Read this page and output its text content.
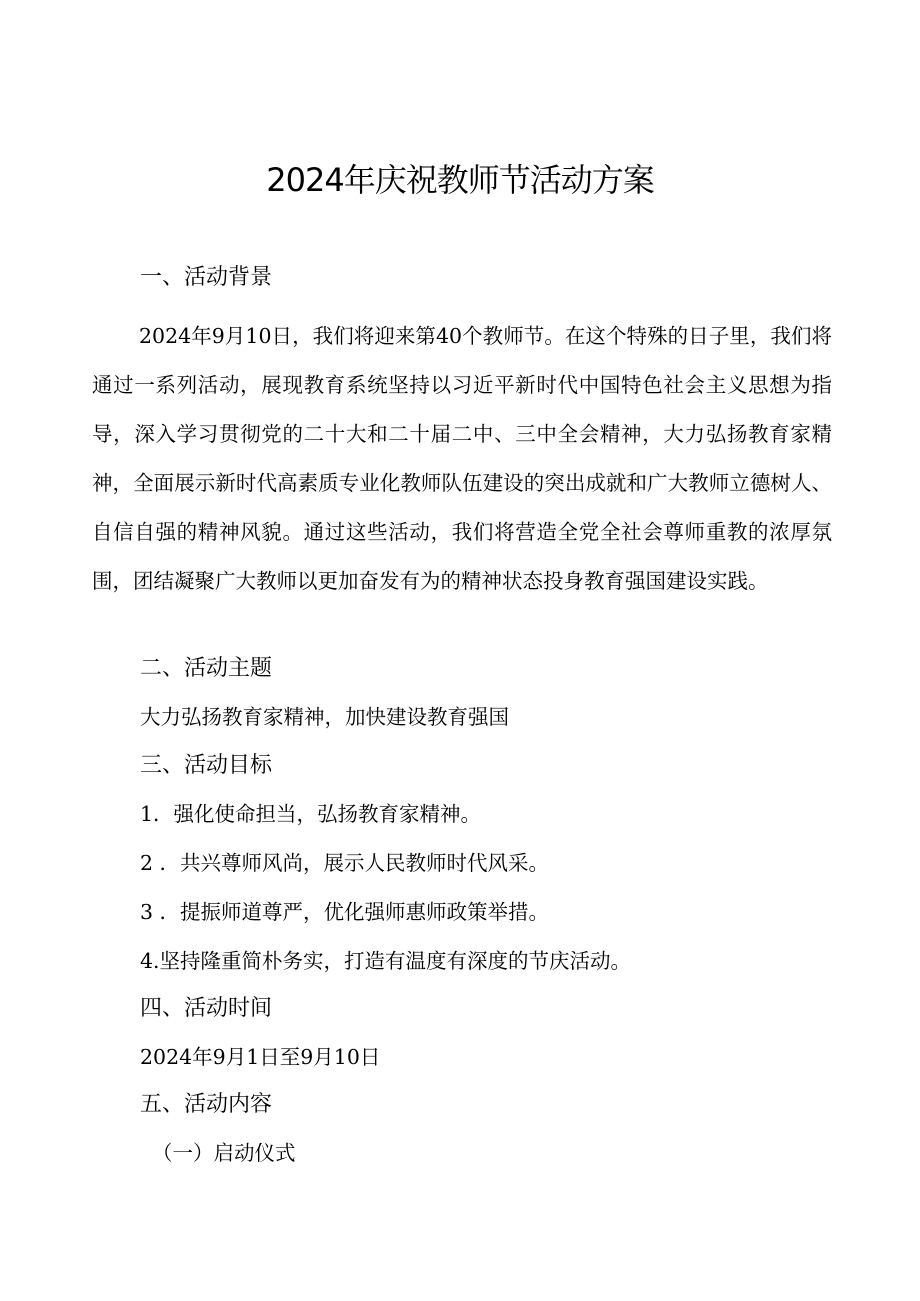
2024年庆祝教师节活动方案
一、活动背景
2024年9月10日，我们将迎来第40个教师节。在这个特殊的日子里，我们将通过一系列活动，展现教育系统坚持以习近平新时代中国特色社会主义思想为指导，深入学习贯彻党的二十大和二十届二中、三中全会精神，大力弘扬教育家精神，全面展示新时代高素质专业化教师队伍建设的突出成就和广大教师立德树人、自信自强的精神风貌。通过这些活动，我们将营造全党全社会尊师重教的浓厚氛围，团结凝聚广大教师以更加奋发有为的精神状态投身教育强国建设实践。
二、活动主题
大力弘扬教育家精神，加快建设教育强国
三、活动目标
1．强化使命担当，弘扬教育家精神。
2 ．共兴尊师风尚，展示人民教师时代风采。
3 ．提振师道尊严，优化强师惠师政策举措。
4.坚持隆重简朴务实，打造有温度有深度的节庆活动。
四、活动时间
2024年9月1日至9月10日
五、活动内容
（一）启动仪式
